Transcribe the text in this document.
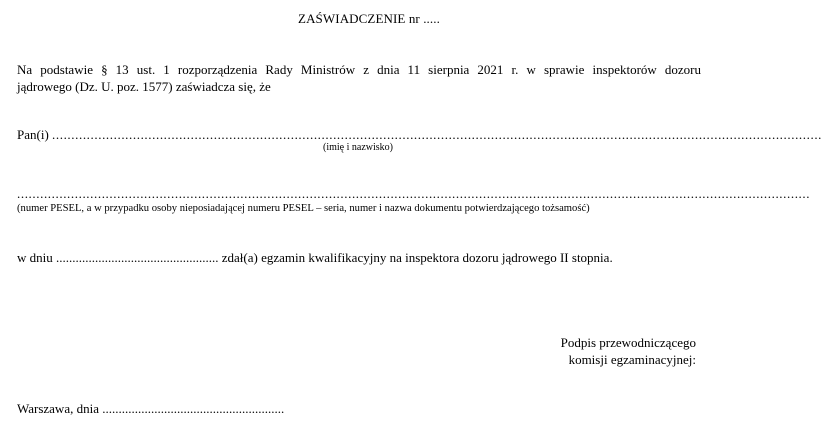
ZAŚWIADCZENIE nr .....
Na podstawie § 13 ust. 1 rozporządzenia Rady Ministrów z dnia 11 sierpnia 2021 r. w sprawie inspektorów dozoru
jądrowego (Dz. U. poz. 1577) zaświadcza się, że
Pan(i) ........................................................................................................................................................................................................
(imię i nazwisko)
..............................................................................................................................................................................................................
(numer PESEL, a w przypadku osoby nieposiadającej numeru PESEL – seria, numer i nazwa dokumentu potwierdzającego tożsamość)
w dniu .................................................. zdał(a) egzamin kwalifikacyjny na inspektora dozoru jądrowego II stopnia.
Podpis przewodniczącego
komisji egzaminacyjnej:
Warszawa, dnia ........................................................
